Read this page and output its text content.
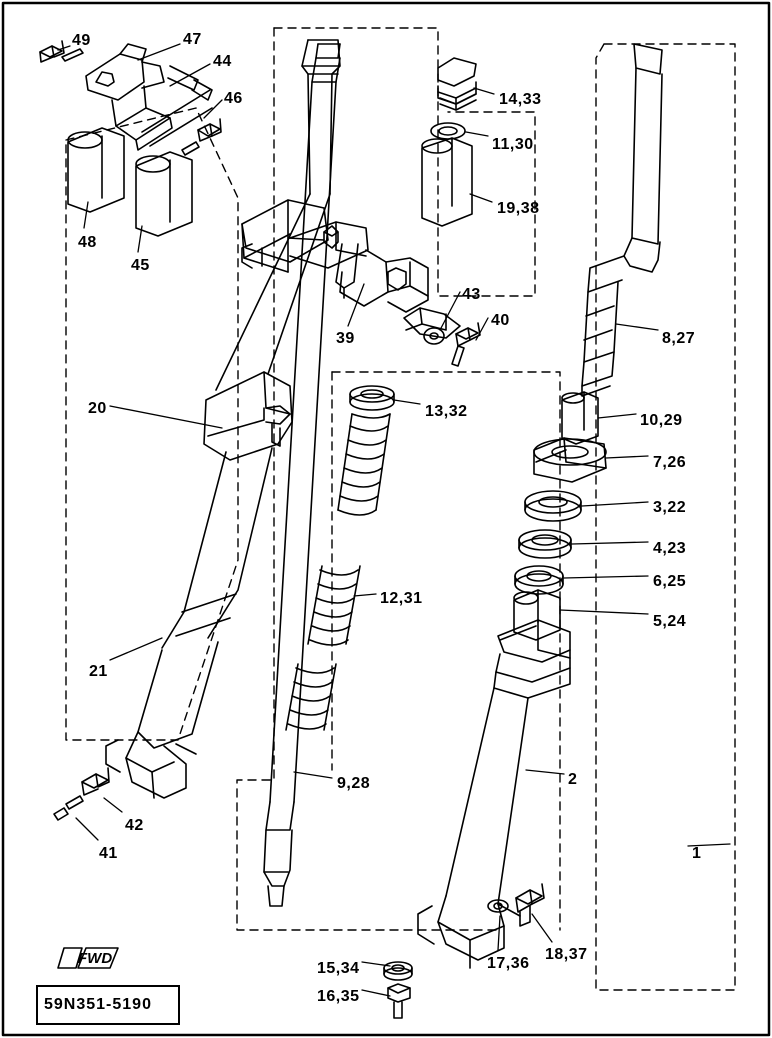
49	47
44
46
48
45
14,33
11,30
19,38
8,27
43
40
39
10,29
7,26
3,22
4,23
6,25
5,24
13,32
20
12,31
21
9,28	2
42
41	1
17,36
18,37
15,34
16,35
FWD
59N351-5190
